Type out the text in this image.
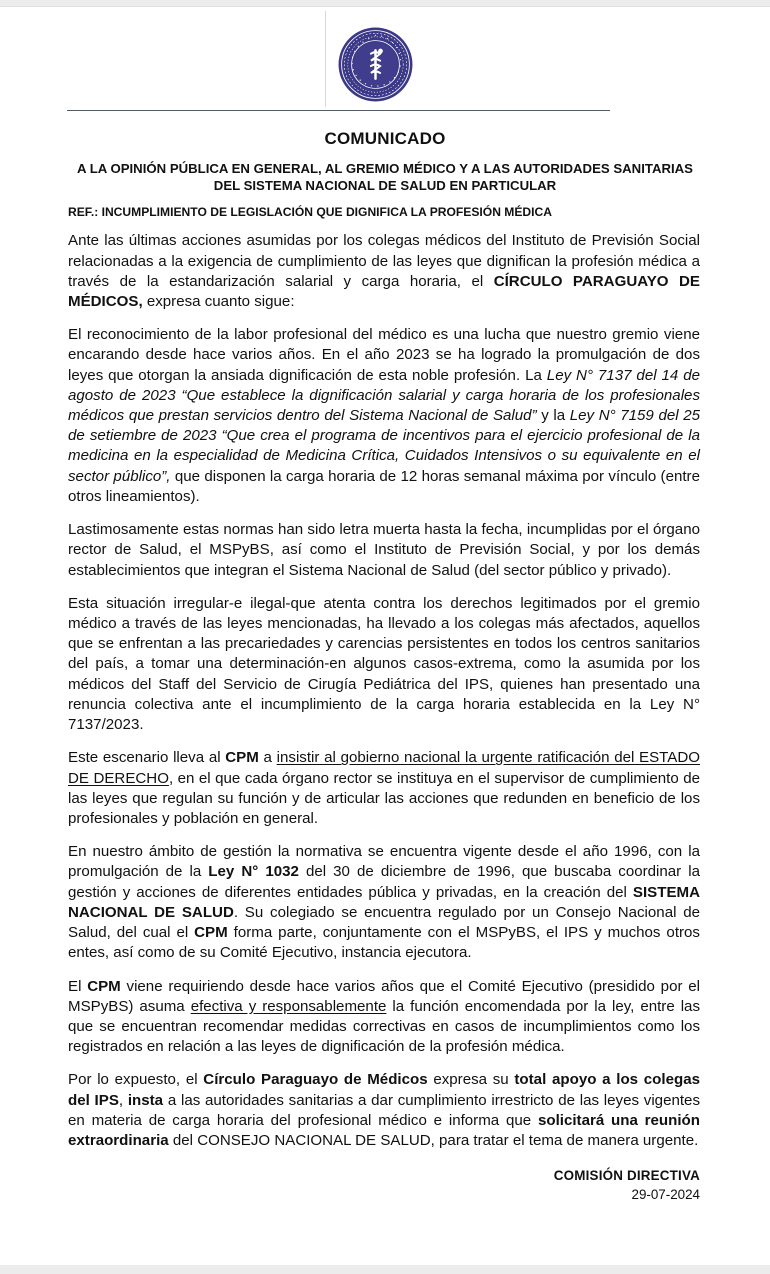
COMUNICADO
A LA OPINIÓN PÚBLICA EN GENERAL, AL GREMIO MÉDICO Y A LAS AUTORIDADES SANITARIAS DEL SISTEMA NACIONAL DE SALUD EN PARTICULAR
REF.: INCUMPLIMIENTO DE LEGISLACIÓN QUE DIGNIFICA LA PROFESIÓN MÉDICA

Ante las últimas acciones asumidas por los colegas médicos del Instituto de Previsión Social relacionadas a la exigencia de cumplimiento de las leyes que dignifican la profesión médica a través de la estandarización salarial y carga horaria, el CÍRCULO PARAGUAYO DE MÉDICOS, expresa cuanto sigue:

El reconocimiento de la labor profesional del médico es una lucha que nuestro gremio viene encarando desde hace varios años. En el año 2023 se ha logrado la promulgación de dos leyes que otorgan la ansiada dignificación de esta noble profesión. La Ley N° 7137 del 14 de agosto de 2023 “Que establece la dignificación salarial y carga horaria de los profesionales médicos que prestan servicios dentro del Sistema Nacional de Salud” y la Ley N° 7159 del 25 de setiembre de 2023 “Que crea el programa de incentivos para el ejercicio profesional de la medicina en la especialidad de Medicina Crítica, Cuidados Intensivos o su equivalente en el sector público”, que disponen la carga horaria de 12 horas semanal máxima por vínculo (entre otros lineamientos).

Lastimosamente estas normas han sido letra muerta hasta la fecha, incumplidas por el órgano rector de Salud, el MSPyBS, así como el Instituto de Previsión Social, y por los demás establecimientos que integran el Sistema Nacional de Salud (del sector público y privado).

Esta situación irregular-e ilegal-que atenta contra los derechos legitimados por el gremio médico a través de las leyes mencionadas, ha llevado a los colegas más afectados, aquellos que se enfrentan a las precariedades y carencias persistentes en todos los centros sanitarios del país, a tomar una determinación-en algunos casos-extrema, como la asumida por los médicos del Staff del Servicio de Cirugía Pediátrica del IPS, quienes han presentado una renuncia colectiva ante el incumplimiento de la carga horaria establecida en la Ley N° 7137/2023.

Este escenario lleva al CPM a insistir al gobierno nacional la urgente ratificación del ESTADO DE DERECHO, en el que cada órgano rector se instituya en el supervisor de cumplimiento de las leyes que regulan su función y de articular las acciones que redunden en beneficio de los profesionales y población en general.

En nuestro ámbito de gestión la normativa se encuentra vigente desde el año 1996, con la promulgación de la Ley N° 1032 del 30 de diciembre de 1996, que buscaba coordinar la gestión y acciones de diferentes entidades pública y privadas, en la creación del SISTEMA NACIONAL DE SALUD. Su colegiado se encuentra regulado por un Consejo Nacional de Salud, del cual el CPM forma parte, conjuntamente con el MSPyBS, el IPS y muchos otros entes, así como de su Comité Ejecutivo, instancia ejecutora.

El CPM viene requiriendo desde hace varios años que el Comité Ejecutivo (presidido por el MSPyBS) asuma efectiva y responsablemente la función encomendada por la ley, entre las que se encuentran recomendar medidas correctivas en casos de incumplimientos como los registrados en relación a las leyes de dignificación de la profesión médica.

Por lo expuesto, el Círculo Paraguayo de Médicos expresa su total apoyo a los colegas del IPS, insta a las autoridades sanitarias a dar cumplimiento irrestricto de las leyes vigentes en materia de carga horaria del profesional médico e informa que solicitará una reunión extraordinaria del CONSEJO NACIONAL DE SALUD, para tratar el tema de manera urgente.

COMISIÓN DIRECTIVA
29-07-2024
